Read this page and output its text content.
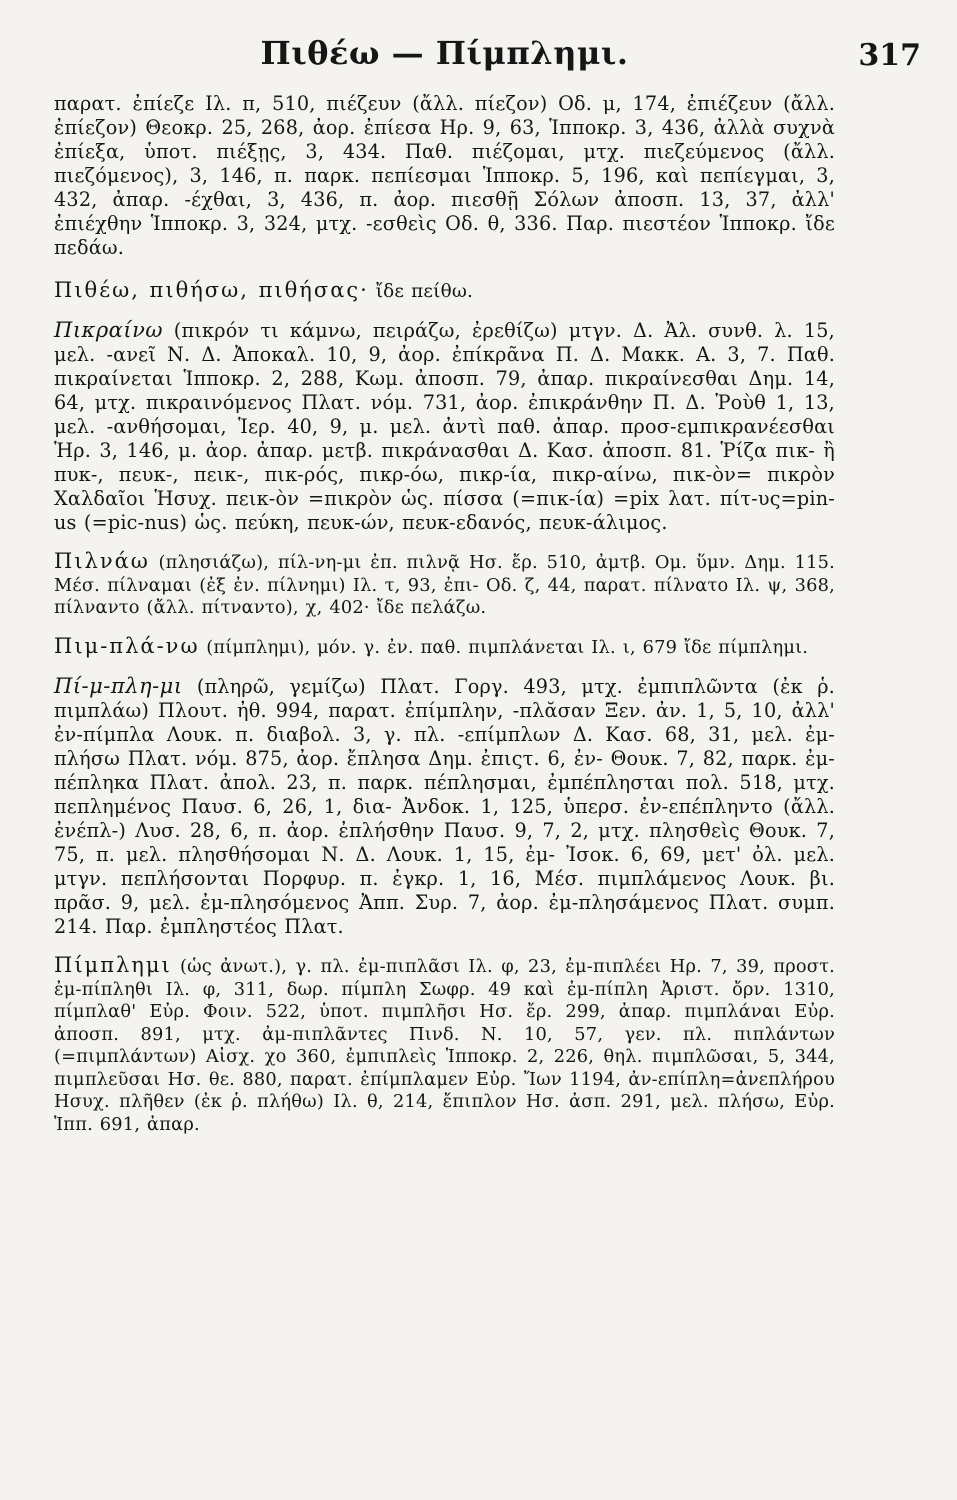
Πιθέω — Πίμπλημι.	317

παρατ. ἐπίεζε Ιλ. π, 510, πιέζευν (ἄλλ. πίεζον) Οδ. μ, 174, ἐπιέζευν (ἄλλ. ἐπίεζον) Θεοκρ. 25, 268, ἀορ. ἐπίεσα Ηρ. 9, 63, Ἱπποκρ. 3, 436, ἀλλὰ συχνὰ ἐπίεξα, ὑποτ. πιέξῃς, 3, 434. Παθ. πιέζομαι, μτχ. πιεζεύμενος (ἄλλ. πιεζόμενος), 3, 146, π. παρκ. πεπίεσμαι Ἱπποκρ. 5, 196, καὶ πεπίεγμαι, 3, 432, ἀπαρ. -έχθαι, 3, 436, π. ἀορ. πιεσθῇ Σόλων ἀποσπ. 13, 37, ἀλλ' ἐπιέχθην Ἱπποκρ. 3, 324, μτχ. -εσθεὶς Οδ. θ, 336. Παρ. πιεστέον Ἱπποκρ. ἴδε πεδάω.

Πιθέω, πιθήσω, πιθήσας· ἴδε πείθω.

Πικραίνω (πικρόν τι κάμνω, πειράζω, ἐρεθίζω) μτγν. Δ. Ἀλ. συνθ. λ. 15, μελ. -ανεῖ Ν. Δ. Ἀποκαλ. 10, 9, ἀορ. ἐπίκρᾶνα Π. Δ. Μακκ. Α. 3, 7. Παθ. πικραίνεται Ἱπποκρ. 2, 288, Κωμ. ἀποσπ. 79, ἀπαρ. πικραίνεσθαι Δημ. 14, 64, μτχ. πικραινόμενος Πλατ. νόμ. 731, ἀορ. ἐπικράνθην Π. Δ. Ῥοὺθ 1, 13, μελ. -ανθήσομαι, Ἱερ. 40, 9, μ. μελ. ἀντὶ παθ. ἀπαρ. προσ-εμπικρανέεσθαι Ἡρ. 3, 146, μ. ἀορ. ἀπαρ. μετβ. πικράνασθαι Δ. Κασ. ἀποσπ. 81. Ῥίζα πικ- ἢ πυκ-, πευκ-, πεικ-, πικ-ρός, πικρ-όω, πικρ-ία, πικρ-αίνω, πικ-ὸν= πικρὸν Χαλδαῖοι Ἡσυχ. πεικ-ὸν =πικρὸν ὡς. πίσσα (=πικ-ία) =pix λατ. πίτ-υς=pin-us (=pic-nus) ὡς. πεύκη, πευκ-ών, πευκ-εδανός, πευκ-άλιμος.

Πιλνάω (πλησιάζω), πίλ-νη-μι ἐπ. πιλνᾷ Ησ. ἔρ. 510, ἀμτβ. Ομ. ὕμν. Δημ. 115. Μέσ. πίλναμαι (ἐξ ἐν. πίλνημι) Ιλ. τ, 93, ἐπι- Οδ. ζ, 44, παρατ. πίλνατο Ιλ. ψ, 368, πίλναντο (ἄλλ. πίτναντο), χ, 402· ἴδε πελάζω.

Πιμ-πλά-νω (πίμπλημι), μόν. γ. ἐν. παθ. πιμπλάνεται Ιλ. ι, 679 ἴδε πίμπλημι.

Πί-μ-πλη-μι (πληρῶ, γεμίζω) Πλατ. Γοργ. 493, μτχ. ἐμπιπλῶντα (ἐκ ῥ. πιμπλάω) Πλουτ. ἠθ. 994, παρατ. ἐπίμπλην, -πλᾰσαν Ξεν. ἀν. 1, 5, 10, ἀλλ' ἐν-πίμπλα Λουκ. π. διαβολ. 3, γ. πλ. -επίμπλων Δ. Κασ. 68, 31, μελ. ἐμ-πλήσω Πλατ. νόμ. 875, ἀορ. ἔπλησα Δημ. ἐπιςτ. 6, ἐν- Θουκ. 7, 82, παρκ. ἐμ-πέπληκα Πλατ. ἀπολ. 23, π. παρκ. πέπλησμαι, ἐμπέπλησται πολ. 518, μτχ. πεπλημένος Παυσ. 6, 26, 1, δια- Ἀνδοκ. 1, 125, ὑπερσ. ἐν-επέπληντο (ἄλλ. ἐνέπλ-) Λυσ. 28, 6, π. ἀορ. ἐπλήσθην Παυσ. 9, 7, 2, μτχ. πλησθεὶς Θουκ. 7, 75, π. μελ. πλησθήσομαι Ν. Δ. Λουκ. 1, 15, ἐμ- Ἰσοκ. 6, 69, μετ' ὀλ. μελ. μτγν. πεπλήσονται Πορφυρ. π. ἐγκρ. 1, 16, Μέσ. πιμπλάμενος Λουκ. βι. πρᾶσ. 9, μελ. ἐμ-πλησόμενος Ἀππ. Συρ. 7, ἀορ. ἐμ-πλησάμενος Πλατ. συμπ. 214. Παρ. ἐμπληστέος Πλατ.

Πίμπλημι (ὡς ἀνωτ.), γ. πλ. ἐμ-πιπλᾶσι Ιλ. φ, 23, ἐμ-πιπλέει Ηρ. 7, 39, προστ. ἐμ-πίπληθι Ιλ. φ, 311, δωρ. πίμπλη Σωφρ. 49 καὶ ἐμ-πίπλη Ἀριστ. ὄρν. 1310, πίμπλαθ' Εὐρ. Φοιν. 522, ὑποτ. πιμπλῆσι Ησ. ἔρ. 299, ἀπαρ. πιμπλάναι Εὐρ. ἀποσπ. 891, μτχ. ἀμ-πιπλᾶντες Πινδ. Ν. 10, 57, γεν. πλ. πιπλάντων (=πιμπλάντων) Αἰσχ. χο 360, ἐμπιπλεὶς Ἱπποκρ. 2, 226, θηλ. πιμπλῶσαι, 5, 344, πιμπλεῦσαι Ησ. θε. 880, παρατ. ἐπίμπλαμεν Εὐρ. Ἴων 1194, ἀν-επίπλη=ἀνεπλήρου Ησυχ. πλῆθεν (ἐκ ῥ. πλήθω) Ιλ. θ, 214, ἔπιπλον Ησ. ἀσπ. 291, μελ. πλήσω, Εὐρ. Ἱππ. 691, ἀπαρ.
